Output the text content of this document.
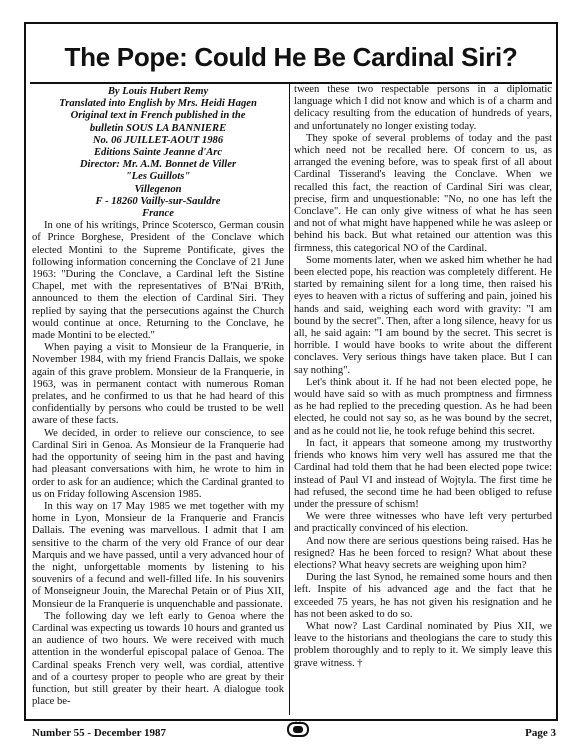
The Pope: Could He Be Cardinal Siri?
By Louis Hubert Remy
Translated into English by Mrs. Heidi Hagen
Original text in French published in the
bulletin SOUS LA BANNIERE
No. 06 JUILLET-AOUT 1986
Editions Sainte Jeanne d'Arc
Director: Mr. A.M. Bonnet de Viller
"Les Guillots"
Villegenon
F - 18260 Vailly-sur-Sauldre
France

In one of his writings, Prince Scotersco, German cousin of Prince Borghese, President of the Conclave which elected Montini to the Supreme Pontificate, gives the following information concerning the Conclave of 21 June 1963: "During the Conclave, a Cardinal left the Sistine Chapel, met with the representatives of B'Nai B'Rith, announced to them the election of Cardinal Siri. They replied by saying that the persecutions against the Church would continue at once. Returning to the Conclave, he made Montini to be elected."

When paying a visit to Monsieur de la Franquerie, in November 1984, with my friend Francis Dallais, we spoke again of this grave problem. Monsieur de la Franquerie, in 1963, was in permanent contact with numerous Roman prelates, and he confirmed to us that he had heard of this confidentially by persons who could be trusted to be well aware of these facts.

We decided, in order to relieve our conscience, to see Cardinal Siri in Genoa. As Monsieur de la Franquerie had had the opportunity of seeing him in the past and having had pleasant conversations with him, he wrote to him in order to ask for an audience; which the Cardinal granted to us on Friday following Ascension 1985.

In this way on 17 May 1985 we met together with my home in Lyon, Monsieur de la Franquerie and Francis Dallais. The evening was marvellous. I admit that I am sensitive to the charm of the very old France of our dear Marquis and we have passed, until a very advanced hour of the night, unforgettable moments by listening to his souvenirs of a fecund and well-filled life. In his souvenirs of Monseigneur Jouin, the Marechal Petain or of Pius XII, Monsieur de la Franquerie is unquenchable and passionate.

The following day we left early to Genoa where the Cardinal was expecting us towards 10 hours and granted us an audience of two hours. We were received with much attention in the wonderful episcopal palace of Genoa. The Cardinal speaks French very well, was cordial, attentive and of a courtesy proper to people who are great by their function, but still greater by their heart. A dialogue took place be-

tween these two respectable persons in a diplomatic language which I did not know and which is of a charm and delicacy resulting from the education of hundreds of years, and unfortunately no longer existing today.

They spoke of several problems of today and the past which need not be recalled here. Of concern to us, as arranged the evening before, was to speak first of all about Cardinal Tisserand's leaving the Conclave. When we recalled this fact, the reaction of Cardinal Siri was clear, precise, firm and unquestionable: "No, no one has left the Conclave". He can only give witness of what he has seen and not of what might have happened while he was asleep or behind his back. But what retained our attention was this firmness, this categorical NO of the Cardinal.

Some moments later, when we asked him whether he had been elected pope, his reaction was completely different. He started by remaining silent for a long time, then raised his eyes to heaven with a rictus of suffering and pain, joined his hands and said, weighing each word with gravity: "I am bound by the secret". Then, after a long silence, heavy for us all, he said again: "I am bound by the secret. This secret is horrible. I would have books to write about the different conclaves. Very serious things have taken place. But I can say nothing".

Let's think about it. If he had not been elected pope, he would have said so with as much promptness and firmness as he had replied to the preceding question. As he had been elected, he could not say so, as he was bound by the secret, and as he could not lie, he took refuge behind this secret.

In fact, it appears that someone among my trustworthy friends who knows him very well has assured me that the Cardinal had told them that he had been elected pope twice: instead of Paul VI and instead of Wojtyla. The first time he had refused, the second time he had been obliged to refuse under the pressure of schism!

We were three witnesses who have left very perturbed and practically convinced of his election.

And now there are serious questions being raised. Has he resigned? Has he been forced to resign? What about these elections? What heavy secrets are weighing upon him?

During the last Synod, he remained some hours and then left. Inspite of his advanced age and the fact that he exceeded 75 years, he has not given his resignation and he has not been asked to do so.

What now? Last Cardinal nominated by Pius XII, we leave to the historians and theologians the care to study this problem thoroughly and to reply to it. We simply leave this grave witness. †

Number 55 - December 1987	Page 3
